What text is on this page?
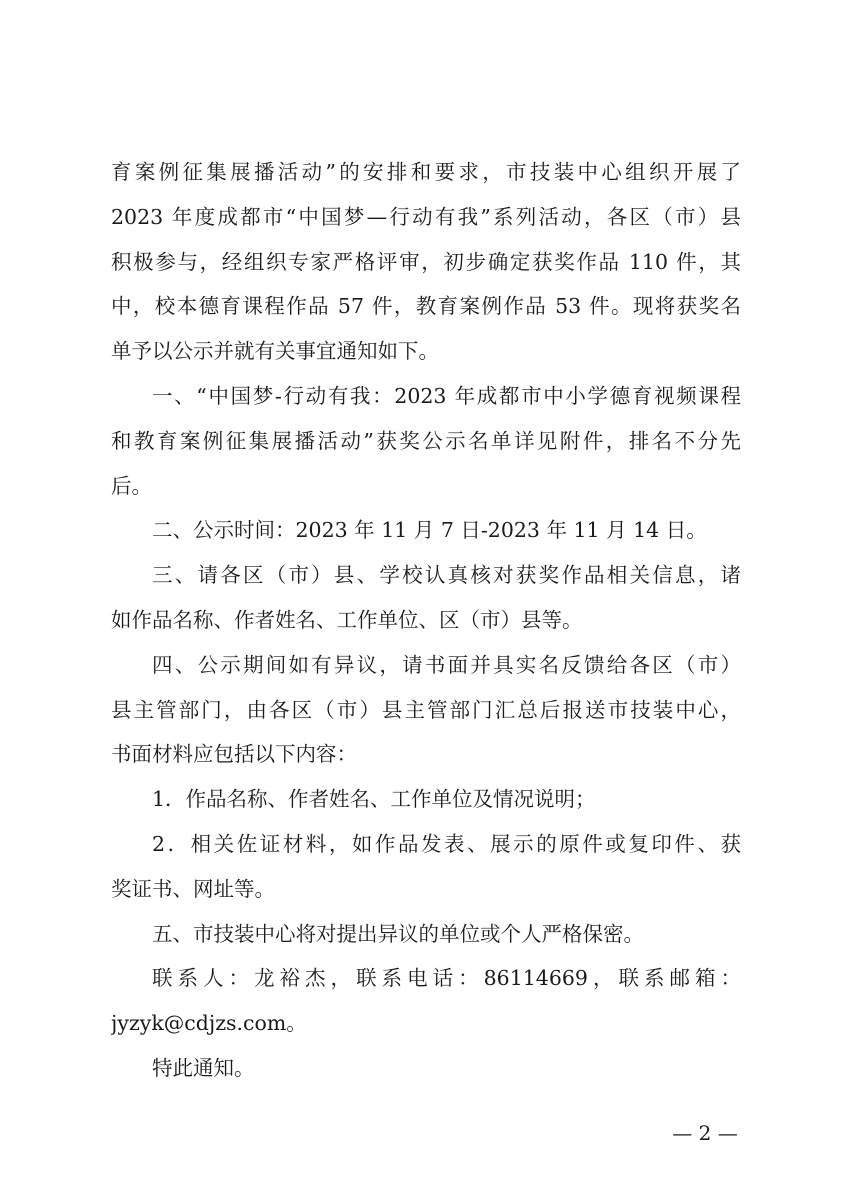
育案例征集展播活动”的安排和要求，市技装中心组织开展了
2023 年度成都市“中国梦—行动有我”系列活动，各区（市）县
积极参与，经组织专家严格评审，初步确定获奖作品 110 件，其
中，校本德育课程作品 57 件，教育案例作品 53 件。现将获奖名
单予以公示并就有关事宜通知如下。
一、“中国梦-行动有我：2023 年成都市中小学德育视频课程
和教育案例征集展播活动”获奖公示名单详见附件，排名不分先
后。
二、公示时间：2023 年 11 月 7 日-2023 年 11 月 14 日。
三、请各区（市）县、学校认真核对获奖作品相关信息，诸
如作品名称、作者姓名、工作单位、区（市）县等。
四、公示期间如有异议，请书面并具实名反馈给各区（市）
县主管部门，由各区（市）县主管部门汇总后报送市技装中心，
书面材料应包括以下内容：
1．作品名称、作者姓名、工作单位及情况说明；
2．相关佐证材料，如作品发表、展示的原件或复印件、获
奖证书、网址等。
五、市技装中心将对提出异议的单位或个人严格保密。
联系人：龙裕杰，联系电话：86114669，联系邮箱：
jyzyk@cdjzs.com。
特此通知。
— 2 —
